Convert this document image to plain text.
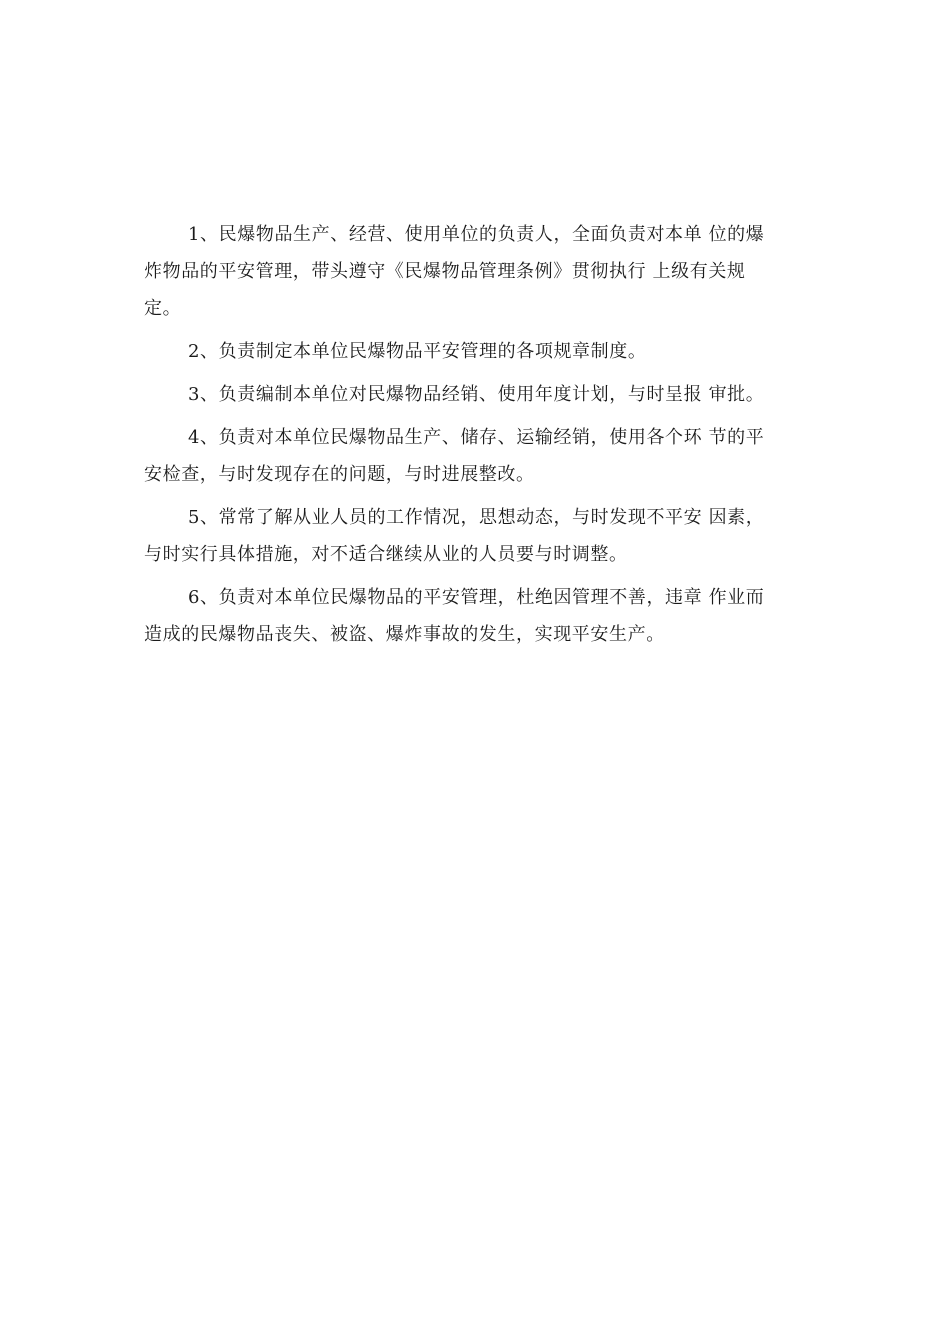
1、民爆物品生产、经营、使用单位的负责人，全面负责对本单 位的爆
炸物品的平安管理，带头遵守《民爆物品管理条例》贯彻执行 上级有关规
定。

2、负责制定本单位民爆物品平安管理的各项规章制度。

3、负责编制本单位对民爆物品经销、使用年度计划，与时呈报 审批。

4、负责对本单位民爆物品生产、储存、运输经销，使用各个环 节的平
安检查，与时发现存在的问题，与时进展整改。

5、常常了解从业人员的工作情况，思想动态，与时发现不平安 因素，
与时实行具体措施，对不适合继续从业的人员要与时调整。

6、负责对本单位民爆物品的平安管理，杜绝因管理不善，违章 作业而
造成的民爆物品丧失、被盗、爆炸事故的发生，实现平安生产。
